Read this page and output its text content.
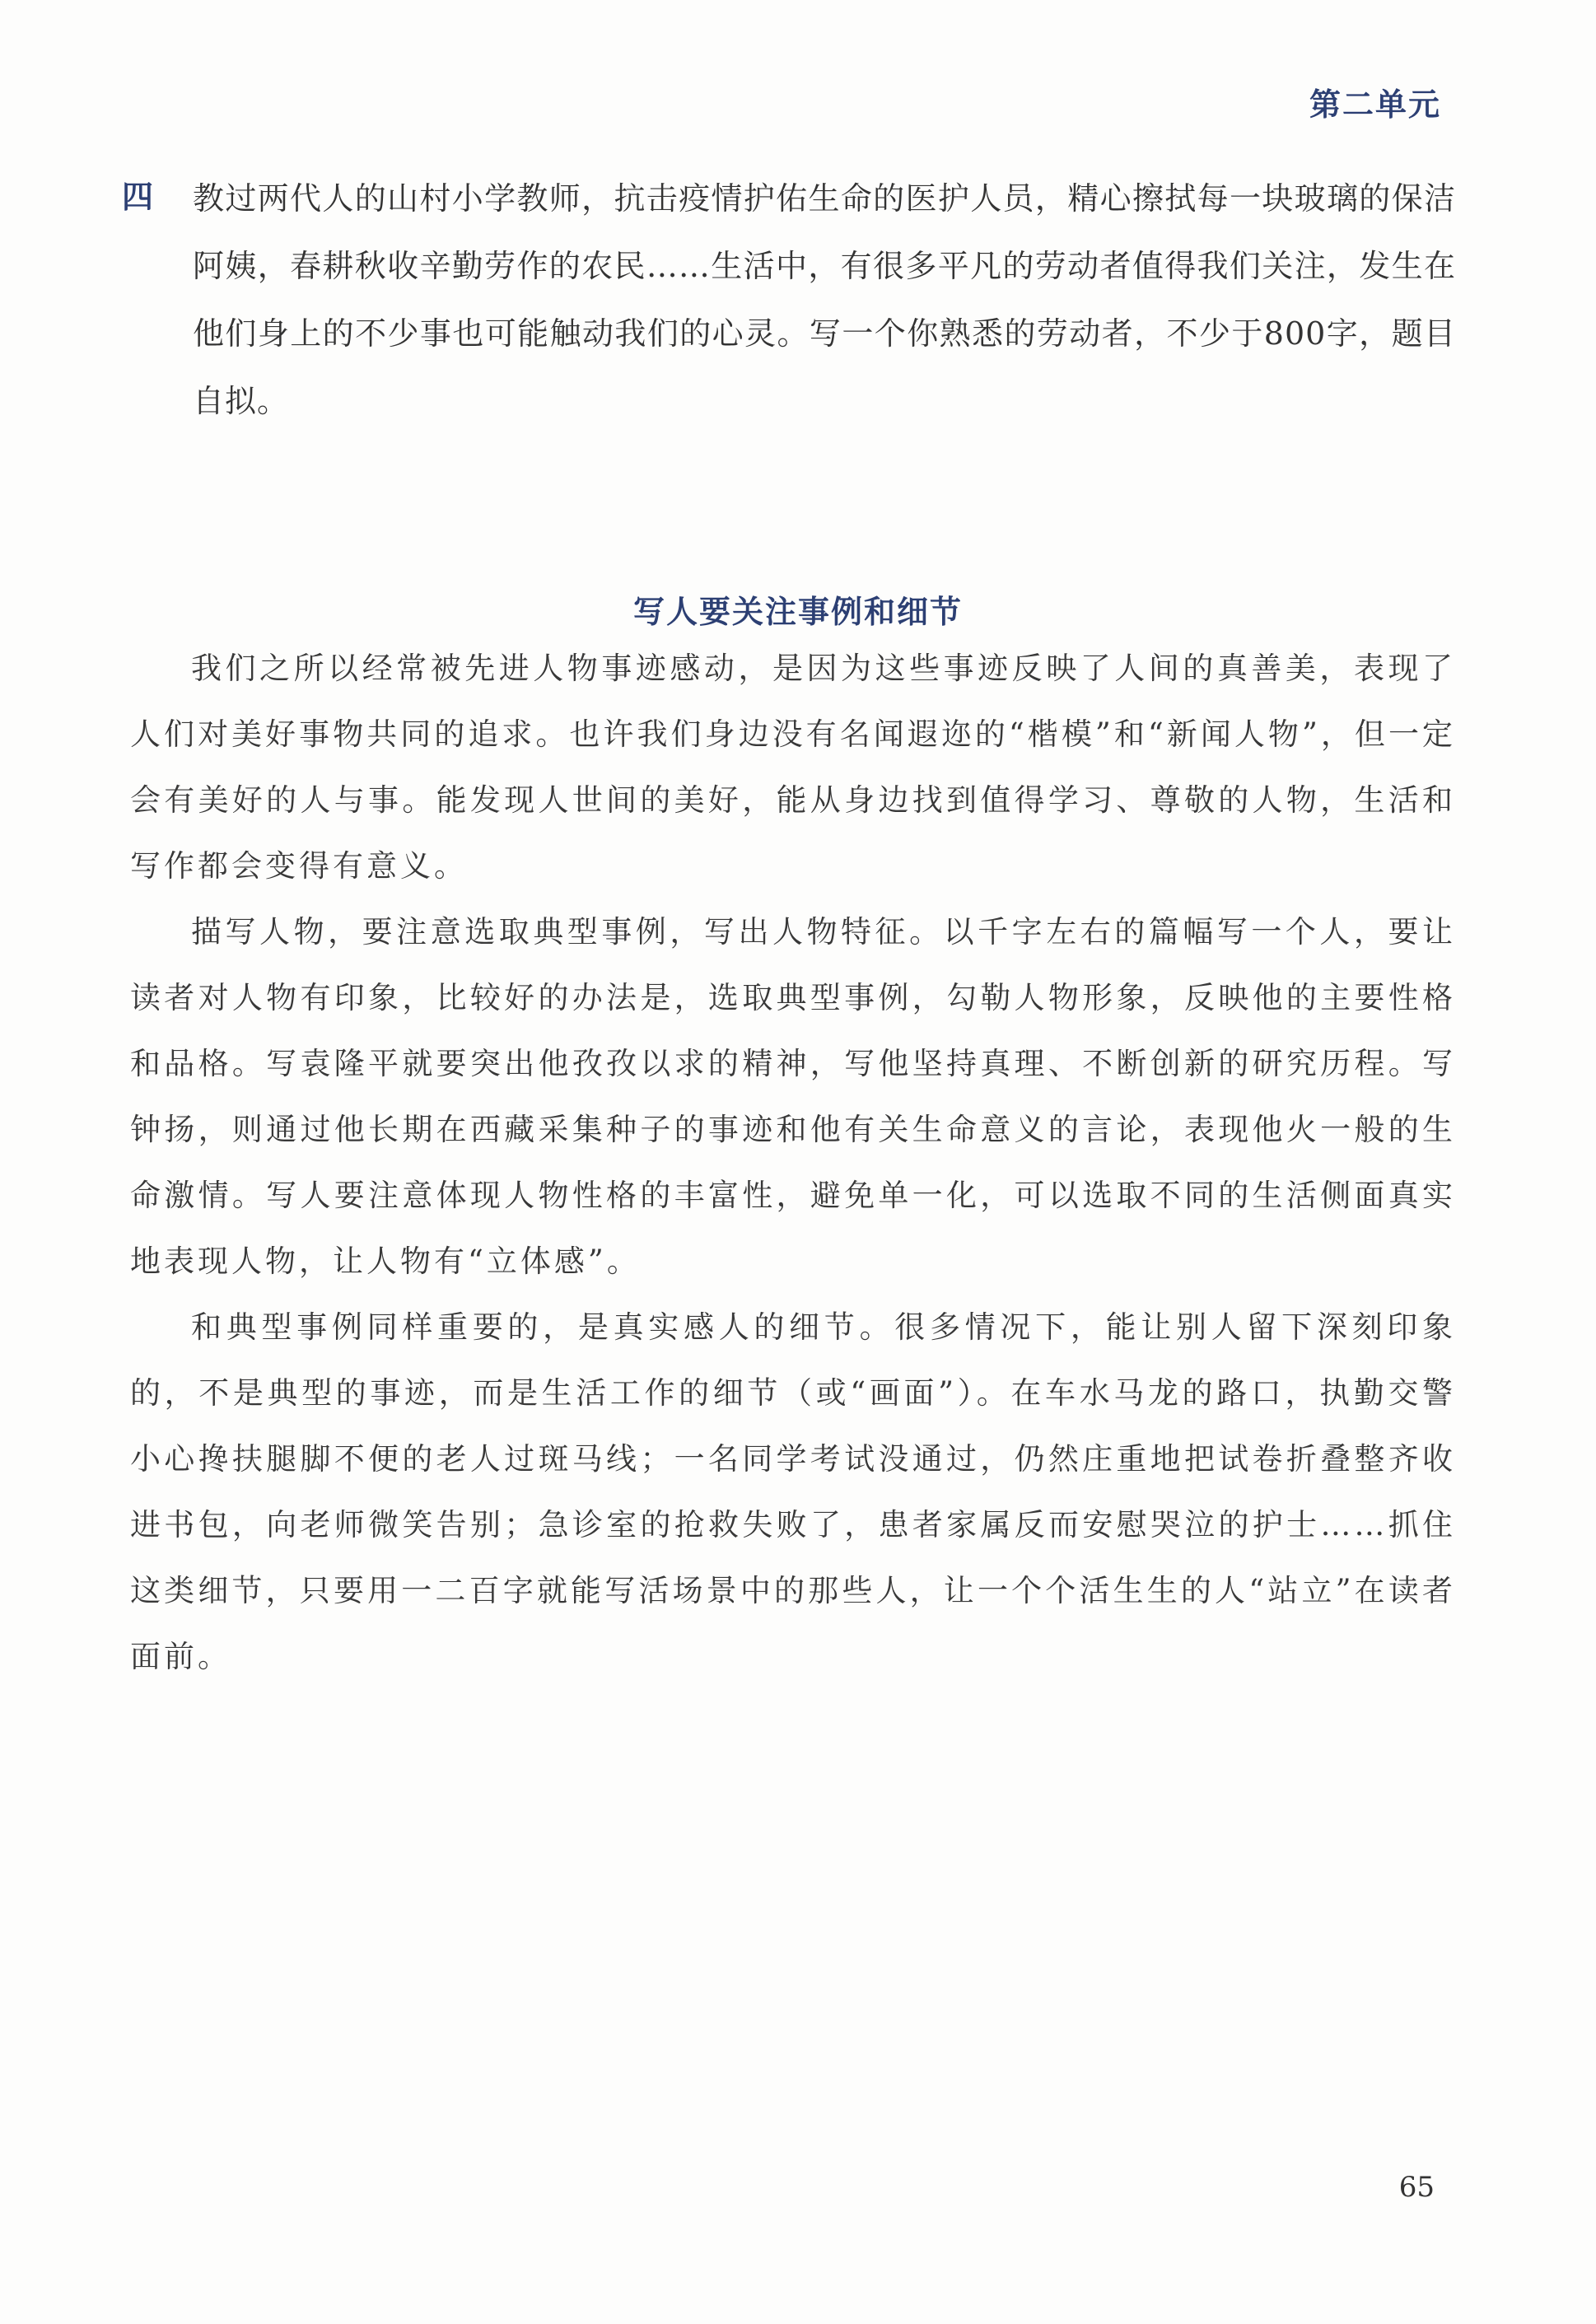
第二单元
四 教过两代人的山村小学教师，抗击疫情护佑生命的医护人员，精心擦拭每一块玻璃的保洁阿姨，春耕秋收辛勤劳作的农民……生活中，有很多平凡的劳动者值得我们关注，发生在他们身上的不少事也可能触动我们的心灵。写一个你熟悉的劳动者，不少于800字，题目自拟。
写人要关注事例和细节

我们之所以经常被先进人物事迹感动，是因为这些事迹反映了人间的真善美，表现了人们对美好事物共同的追求。也许我们身边没有名闻遐迩的“楷模”和“新闻人物”，但一定会有美好的人与事。能发现人世间的美好，能从身边找到值得学习、尊敬的人物，生活和写作都会变得有意义。

描写人物，要注意选取典型事例，写出人物特征。以千字左右的篇幅写一个人，要让读者对人物有印象，比较好的办法是，选取典型事例，勾勒人物形象，反映他的主要性格和品格。写袁隆平就要突出他孜孜以求的精神，写他坚持真理、不断创新的研究历程。写钟扬，则通过他长期在西藏采集种子的事迹和他有关生命意义的言论，表现他火一般的生命激情。写人要注意体现人物性格的丰富性，避免单一化，可以选取不同的生活侧面真实地表现人物，让人物有“立体感”。

和典型事例同样重要的，是真实感人的细节。很多情况下，能让别人留下深刻印象的，不是典型的事迹，而是生活工作的细节（或“画面”）。在车水马龙的路口，执勤交警小心搀扶腿脚不便的老人过斑马线；一名同学考试没通过，仍然庄重地把试卷折叠整齐收进书包，向老师微笑告别；急诊室的抢救失败了，患者家属反而安慰哭泣的护士……抓住这类细节，只要用一二百字就能写活场景中的那些人，让一个个活生生的人“站立”在读者面前。

65
